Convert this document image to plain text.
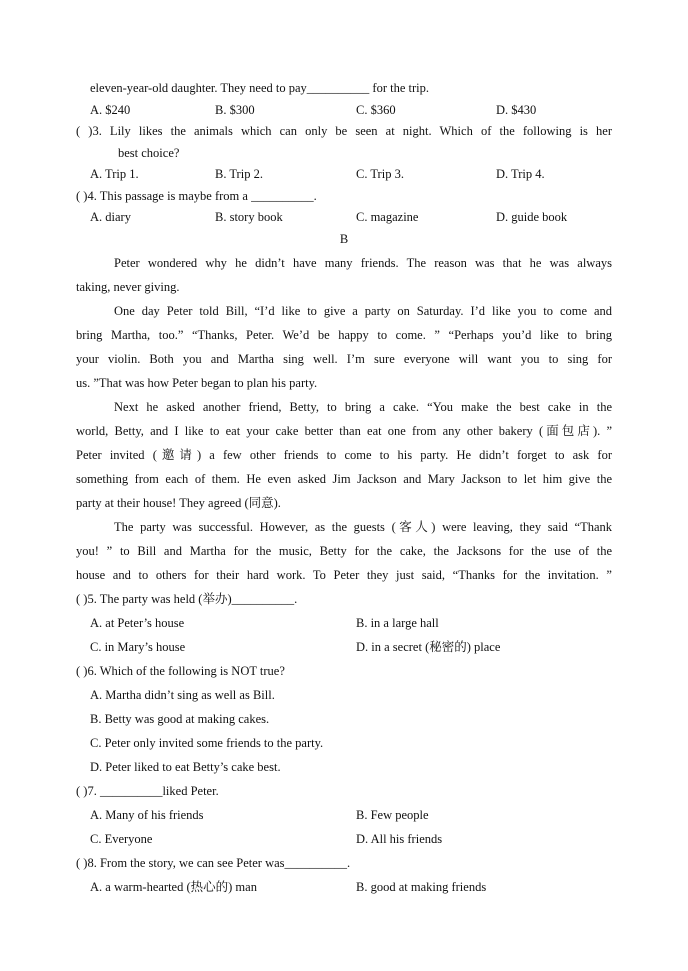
eleven-year-old daughter. They need to pay__________ for the trip.
A. $240	B. $300	C. $360	D. $430
( )3. Lily likes the animals which can only be seen at night. Which of the following is her
best choice?
A. Trip 1.	B. Trip 2.	C. Trip 3.	D. Trip 4.
( )4. This passage is maybe from a __________.
A. diary	B. story book	C. magazine	D. guide book
B
Peter wondered why he didn’t have many friends. The reason was that he was always
taking, never giving.
One day Peter told Bill, “I’d like to give a party on Saturday. I’d like you to come and
bring Martha, too.” “Thanks, Peter. We’d be happy to come. ” “Perhaps you’d like to bring
your violin. Both you and Martha sing well. I’m sure everyone will want you to sing for
us. ”That was how Peter began to plan his party.
Next he asked another friend, Betty, to bring a cake. “You make the best cake in the
world, Betty, and I like to eat your cake better than eat one from any other bakery (面包店). ”
Peter invited (邀请) a few other friends to come to his party. He didn’t forget to ask for
something from each of them. He even asked Jim Jackson and Mary Jackson to let him give the
party at their house! They agreed (同意).
The party was successful. However, as the guests (客人) were leaving, they said “Thank
you! ” to Bill and Martha for the music, Betty for the cake, the Jacksons for the use of the
house and to others for their hard work. To Peter they just said, “Thanks for the invitation. ”
( )5. The party was held (举办)__________.
A. at Peter’s house	B. in a large hall
C. in Mary’s house	D. in a secret (秘密的) place
( )6. Which of the following is NOT true?
A. Martha didn’t sing as well as Bill.
B. Betty was good at making cakes.
C. Peter only invited some friends to the party.
D. Peter liked to eat Betty’s cake best.
( )7. __________liked Peter.
A. Many of his friends	B. Few people
C. Everyone	D. All his friends
( )8. From the story, we can see Peter was__________.
A. a warm-hearted (热心的) man	B. good at making friends
